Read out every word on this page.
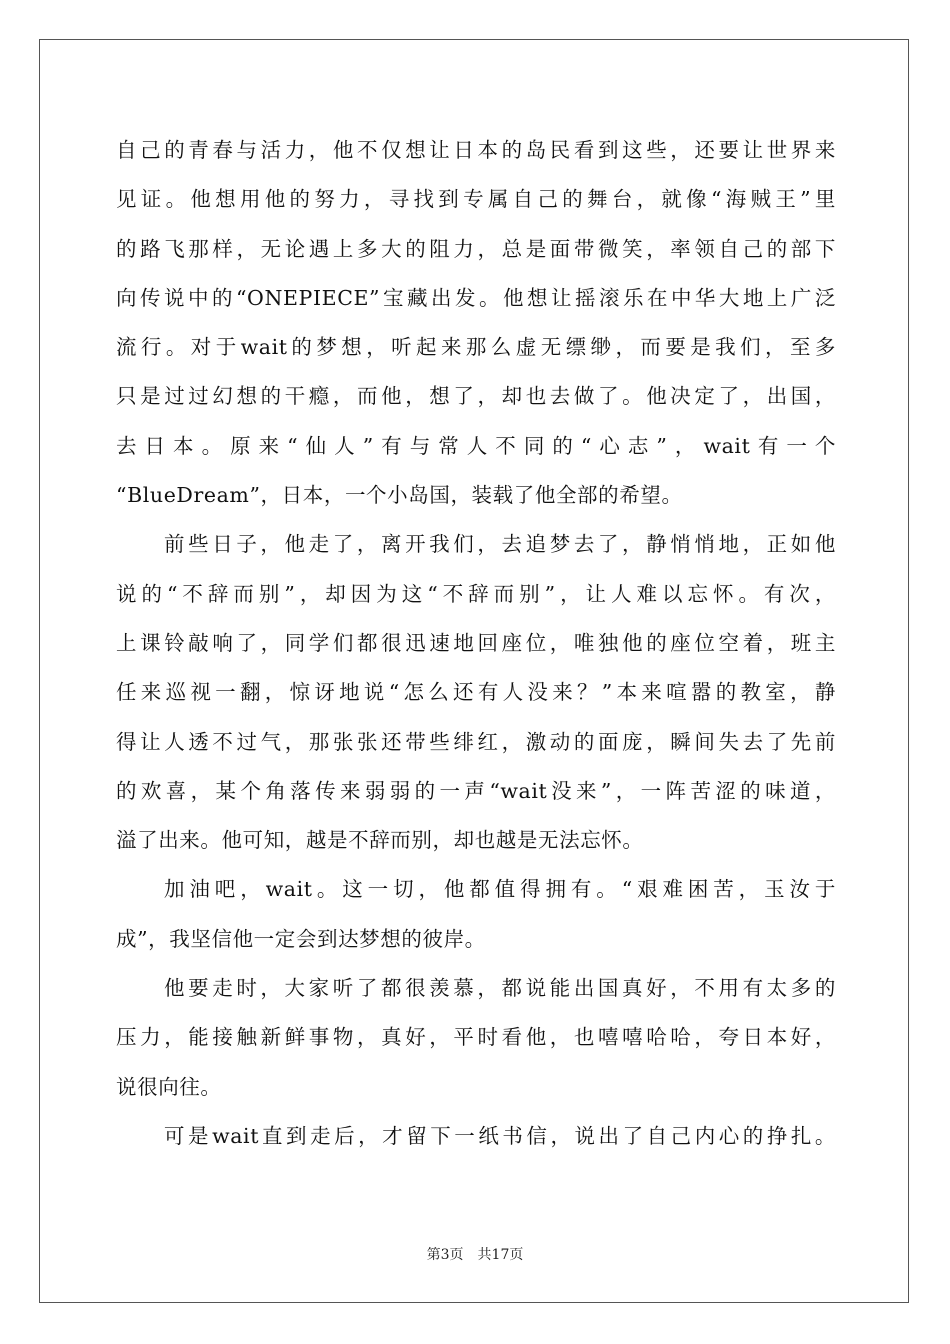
自己的青春与活力，他不仅想让日本的岛民看到这些，还要让世界来
见证。他想用他的努力，寻找到专属自己的舞台，就像“海贼王”里
的路飞那样，无论遇上多大的阻力，总是面带微笑，率领自己的部下
向传说中的“ONEPIECE”宝藏出发。他想让摇滚乐在中华大地上广泛
流行。对于wait的梦想，听起来那么虚无缥缈，而要是我们，至多
只是过过幻想的干瘾，而他，想了，却也去做了。他决定了，出国，
去日本。原来“仙人”有与常人不同的“心志”，wait有一个
“BlueDream”，日本，一个小岛国，装载了他全部的希望。
前些日子，他走了，离开我们，去追梦去了，静悄悄地，正如他
说的“不辞而别”，却因为这“不辞而别”，让人难以忘怀。有次，
上课铃敲响了，同学们都很迅速地回座位，唯独他的座位空着，班主
任来巡视一翻，惊讶地说“怎么还有人没来？”本来喧嚣的教室，静
得让人透不过气，那张张还带些绯红，激动的面庞，瞬间失去了先前
的欢喜，某个角落传来弱弱的一声“wait没来”，一阵苦涩的味道，
溢了出来。他可知，越是不辞而别，却也越是无法忘怀。
加油吧，wait。这一切，他都值得拥有。“艰难困苦，玉汝于
成”，我坚信他一定会到达梦想的彼岸。
他要走时，大家听了都很羡慕，都说能出国真好，不用有太多的
压力，能接触新鲜事物，真好，平时看他，也嘻嘻哈哈，夸日本好，
说很向往。
可是wait直到走后，才留下一纸书信，说出了自己内心的挣扎。
第3页 共17页
